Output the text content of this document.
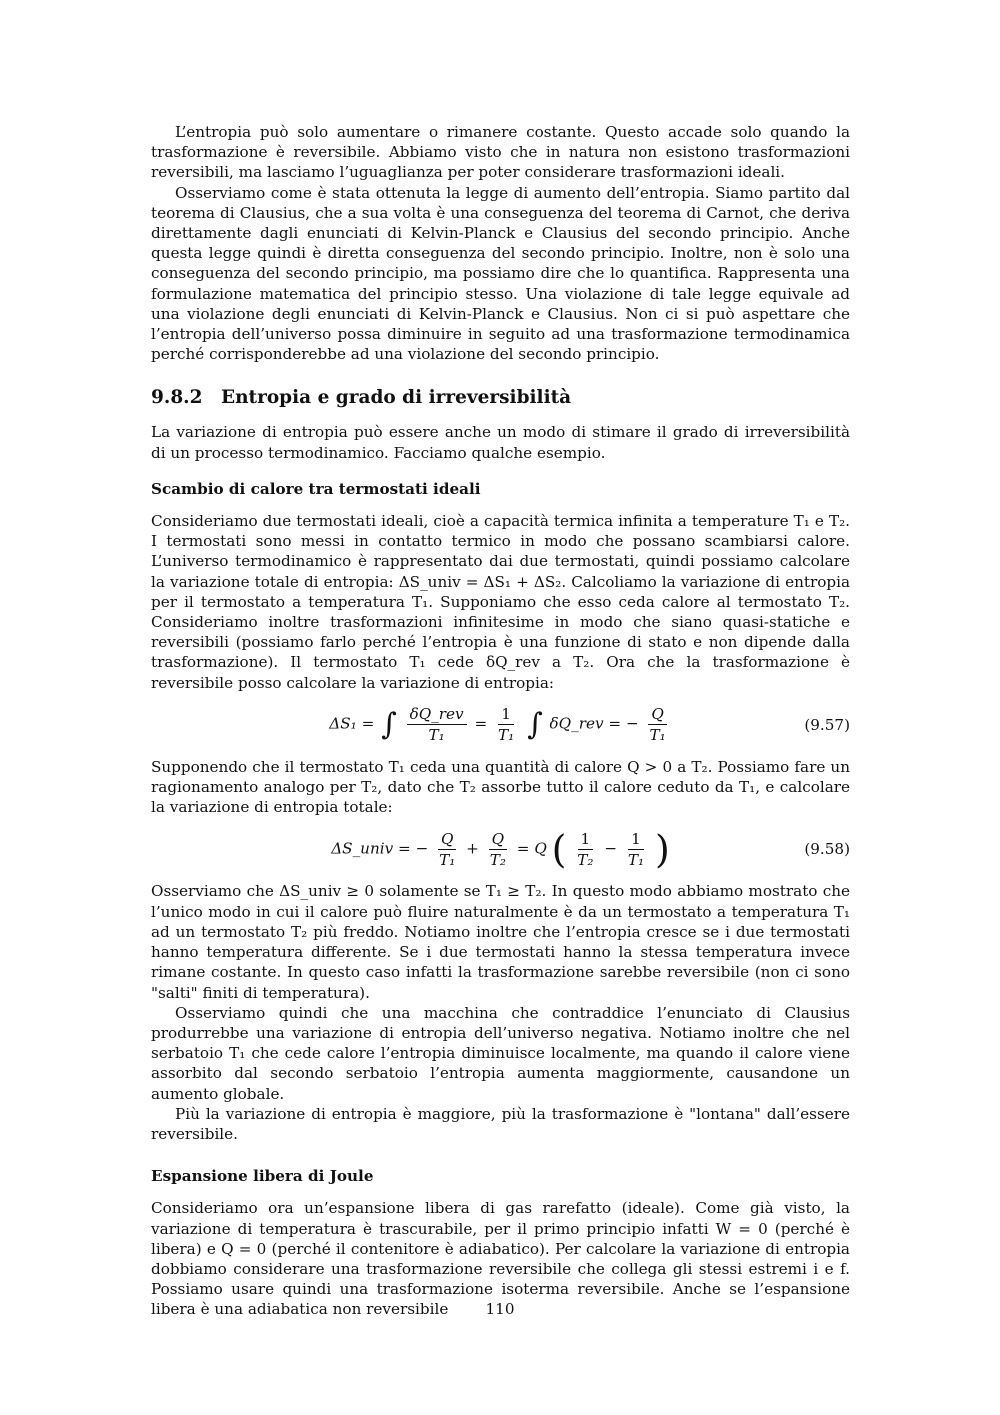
L’entropia può solo aumentare o rimanere costante. Questo accade solo quando la trasformazione è reversibile. Abbiamo visto che in natura non esistono trasformazioni reversibili, ma lasciamo l’uguaglianza per poter considerare trasformazioni ideali.

Osserviamo come è stata ottenuta la legge di aumento dell’entropia. Siamo partito dal teorema di Clausius, che a sua volta è una conseguenza del teorema di Carnot, che deriva direttamente dagli enunciati di Kelvin-Planck e Clausius del secondo principio. Anche questa legge quindi è diretta conseguenza del secondo principio. Inoltre, non è solo una conseguenza del secondo principio, ma possiamo dire che lo quantifica. Rappresenta una formulazione matematica del principio stesso. Una violazione di tale legge equivale ad una violazione degli enunciati di Kelvin-Planck e Clausius. Non ci si può aspettare che l’entropia dell’universo possa diminuire in seguito ad una trasformazione termodinamica perché corrisponderebbe ad una violazione del secondo principio.

9.8.2 Entropia e grado di irreversibilità

La variazione di entropia può essere anche un modo di stimare il grado di irreversibilità di un processo termodinamico. Facciamo qualche esempio.

Scambio di calore tra termostati ideali

Consideriamo due termostati ideali, cioè a capacità termica infinita a temperature T₁ e T₂. I termostati sono messi in contatto termico in modo che possano scambiarsi calore. L’universo termodinamico è rappresentato dai due termostati, quindi possiamo calcolare la variazione totale di entropia: ΔS_univ = ΔS₁ + ΔS₂. Calcoliamo la variazione di entropia per il termostato a temperatura T₁. Supponiamo che esso ceda calore al termostato T₂. Consideriamo inoltre trasformazioni infinitesime in modo che siano quasi-statiche e reversibili (possiamo farlo perché l’entropia è una funzione di stato e non dipende dalla trasformazione). Il termostato T₁ cede δQ_rev a T₂. Ora che la trasformazione è reversibile posso calcolare la variazione di entropia:

ΔS₁ = ∫ $\frac{\text{δQ\_rev}}{\text{T₁}} = \frac{1}{\text{T₁}}$ ∫ δQ_rev = − $\frac{Q}{\text{T₁}}$	(9.57)

Supponendo che il termostato T₁ ceda una quantità di calore Q > 0 a T₂. Possiamo fare un ragionamento analogo per T₂, dato che T₂ assorbe tutto il calore ceduto da T₁, e calcolare la variazione di entropia totale:

ΔS_univ = − $\frac{Q}{\text{T₁}} + \frac{Q}{\text{T₂}} = Q$ ( $\frac{1}{\text{T₂}} - \frac{1}{\text{T₁}}$ )	(9.58)

Osserviamo che ΔS_univ ≥ 0 solamente se T₁ ≥ T₂. In questo modo abbiamo mostrato che l’unico modo in cui il calore può fluire naturalmente è da un termostato a temperatura T₁ ad un termostato T₂ più freddo. Notiamo inoltre che l’entropia cresce se i due termostati hanno temperatura differente. Se i due termostati hanno la stessa temperatura invece rimane costante. In questo caso infatti la trasformazione sarebbe reversibile (non ci sono "salti" finiti di temperatura).

Osserviamo quindi che una macchina che contraddice l’enunciato di Clausius produrrebbe una variazione di entropia dell’universo negativa. Notiamo inoltre che nel serbatoio T₁ che cede calore l’entropia diminuisce localmente, ma quando il calore viene assorbito dal secondo serbatoio l’entropia aumenta maggiormente, causandone un aumento globale.

Più la variazione di entropia è maggiore, più la trasformazione è "lontana" dall’essere reversibile.

Espansione libera di Joule

Consideriamo ora un’espansione libera di gas rarefatto (ideale). Come già visto, la variazione di temperatura è trascurabile, per il primo principio infatti W = 0 (perché è libera) e Q = 0 (perché il contenitore è adiabatico). Per calcolare la variazione di entropia dobbiamo considerare una trasformazione reversibile che collega gli stessi estremi i e f. Possiamo usare quindi una trasformazione isoterma reversibile. Anche se l’espansione libera è una adiabatica non reversibile	110
